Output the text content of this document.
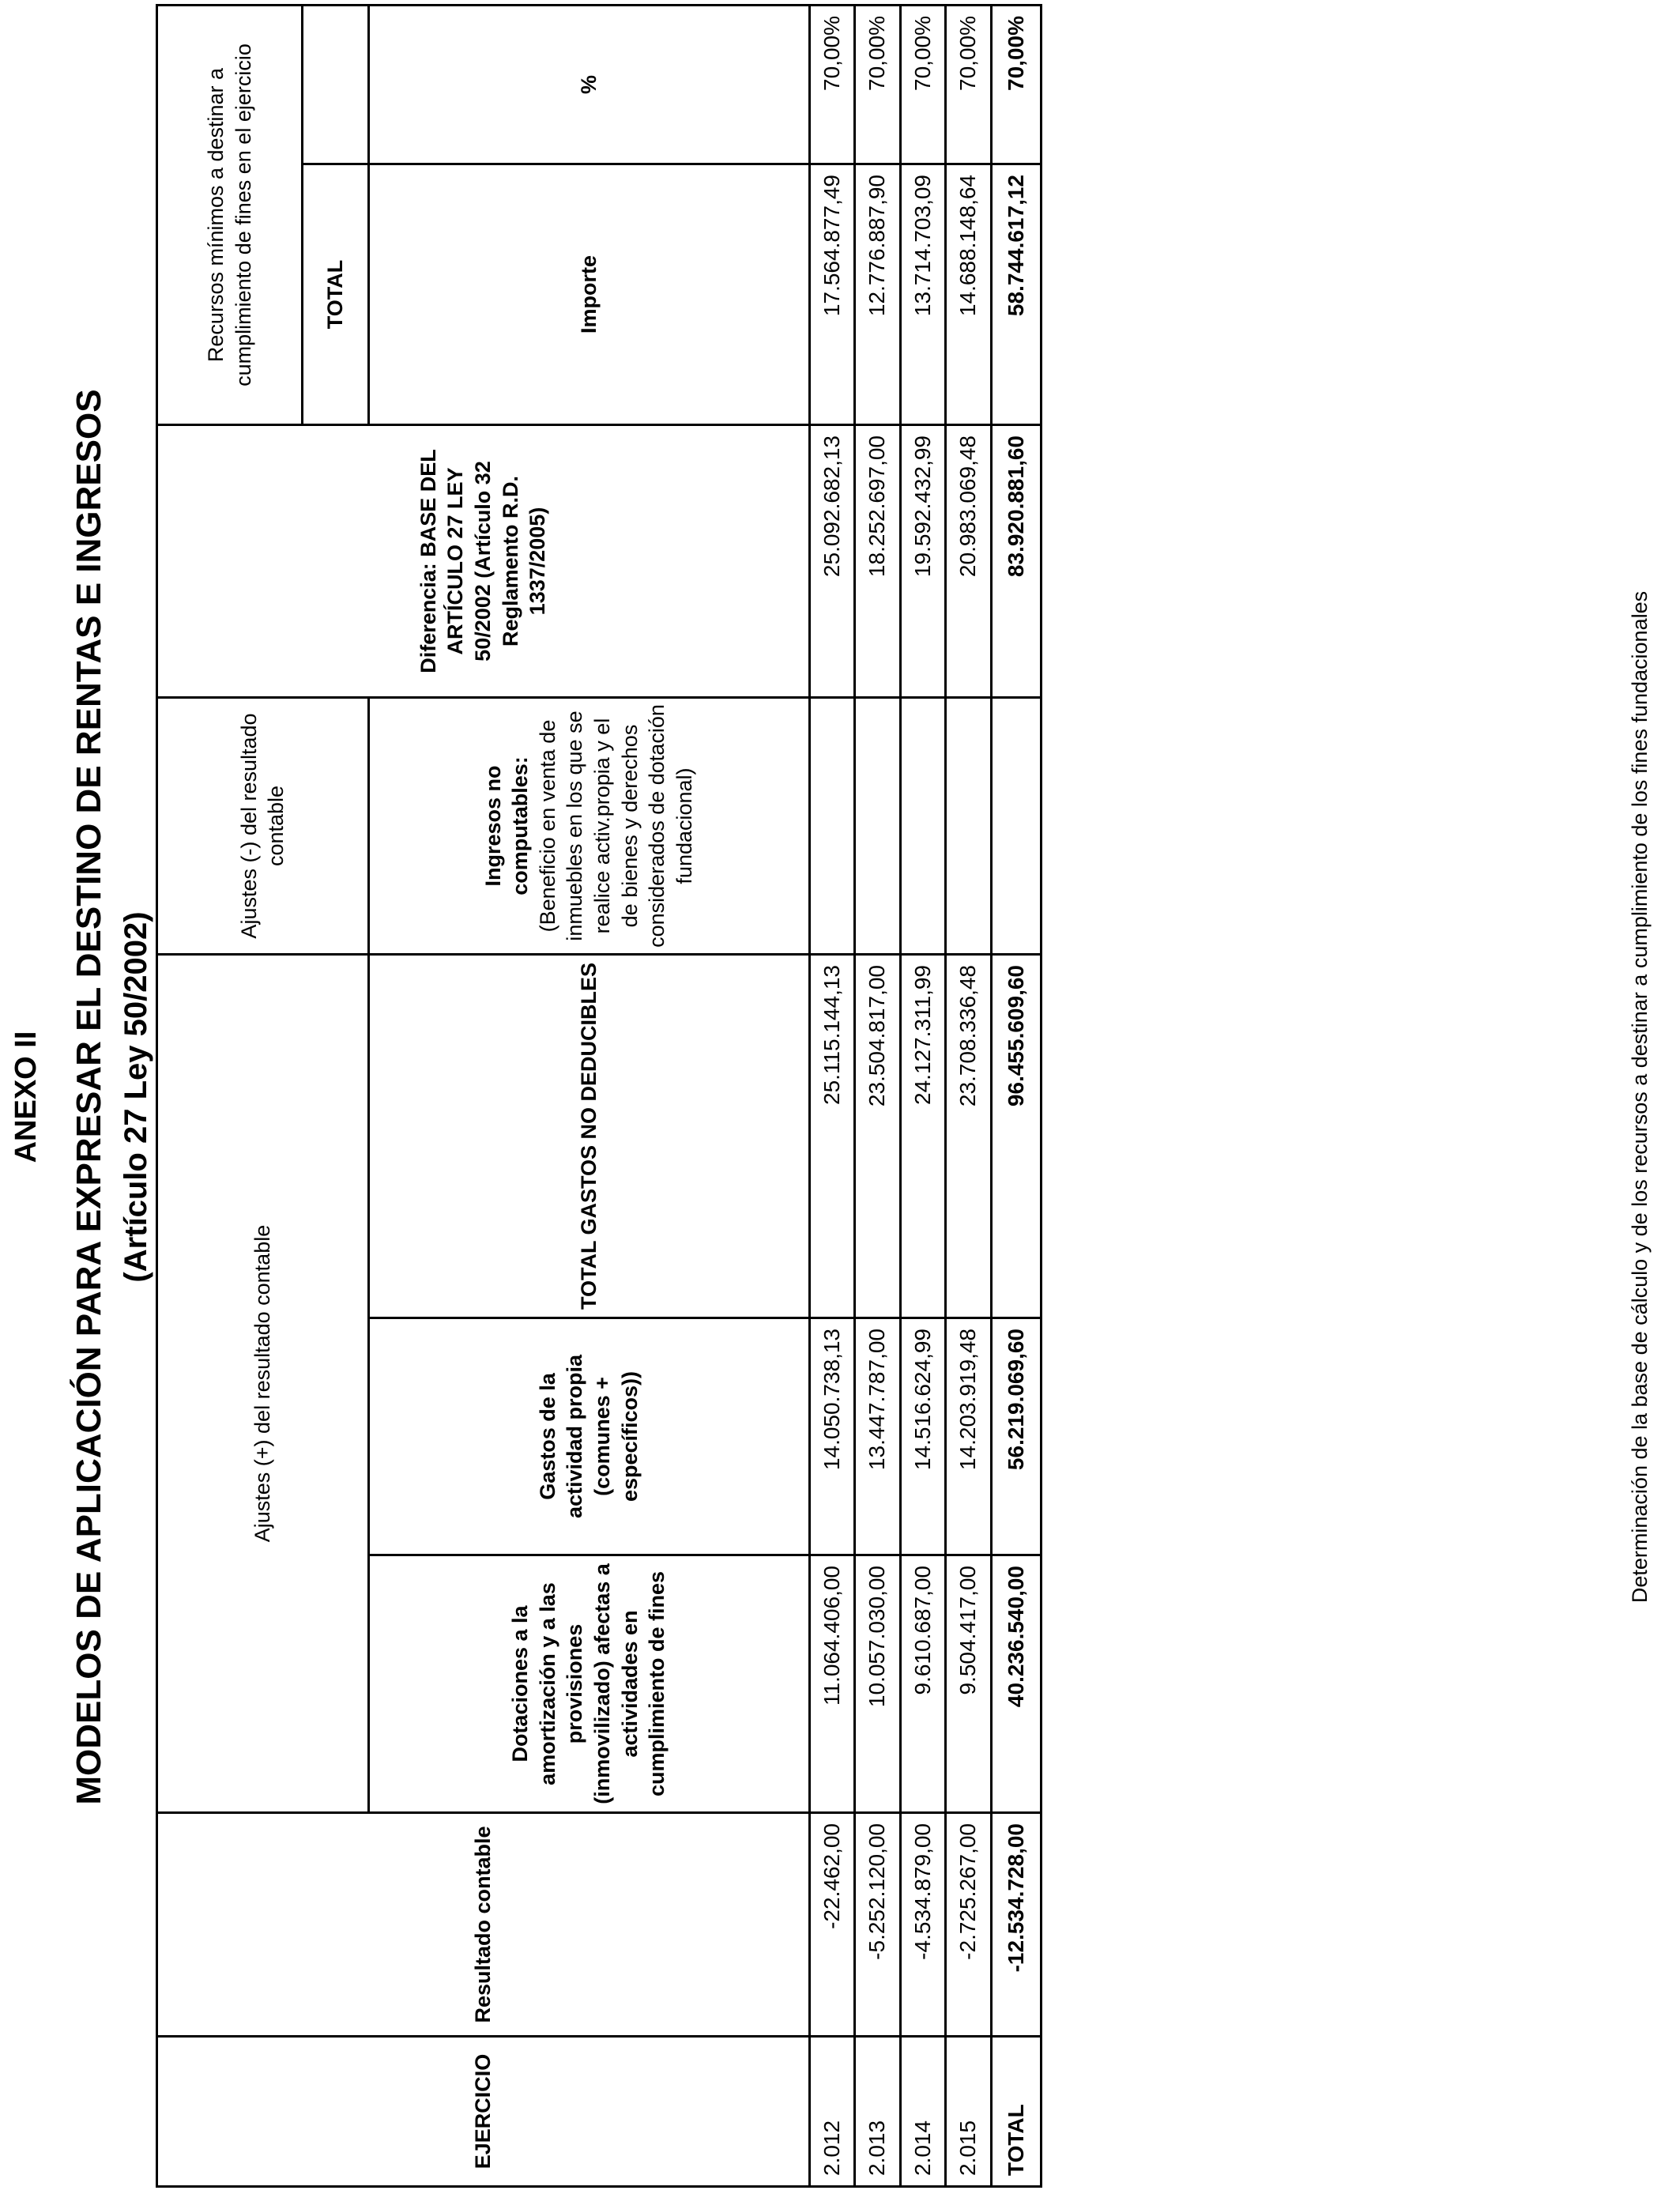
ANEXO II MODELOS DE APLICACIÓN PARA EXPRESAR EL DESTINO DE RENTAS E INGRESOS (Artículo 27 Ley 50/2002)
EJERCICIO	Resultado contable	Ajustes (+) del resultado contable			Ajustes (-) del resultado contable	Diferencia: BASE DEL ARTÍCULO 27 LEY 50/2002 (Artículo 32 Reglamento R.D. 1337/2005)	Recursos mínimos a destinar a cumplimiento de fines en el ejercicio	
							TOTAL	
		Dotaciones a la amortización y a las provisiones (inmovilizado) afectas a actividades en cumplimiento de fines	Gastos de la actividad propia (comunes + específicos))	TOTAL GASTOS NO DEDUCIBLES	Ingresos no computables: (Beneficio en venta de inmuebles en los que se realice activ.propia y el de bienes y derechos considerados de dotación fundacional)		Importe	%
2.012	-22.462,00	11.064.406,00	14.050.738,13	25.115.144,13		25.092.682,13	17.564.877,49	70,00%
2.013	-5.252.120,00	10.057.030,00	13.447.787,00	23.504.817,00		18.252.697,00	12.776.887,90	70,00%
2.014	-4.534.879,00	9.610.687,00	14.516.624,99	24.127.311,99		19.592.432,99	13.714.703,09	70,00%
2.015	-2.725.267,00	9.504.417,00	14.203.919,48	23.708.336,48		20.983.069,48	14.688.148,64	70,00%
TOTAL	-12.534.728,00	40.236.540,00	56.219.069,60	96.455.609,60		83.920.881,60	58.744.617,12	70,00%
Determinación de la base de cálculo y de los recursos a destinar a cumplimiento de los fines fundacionales
